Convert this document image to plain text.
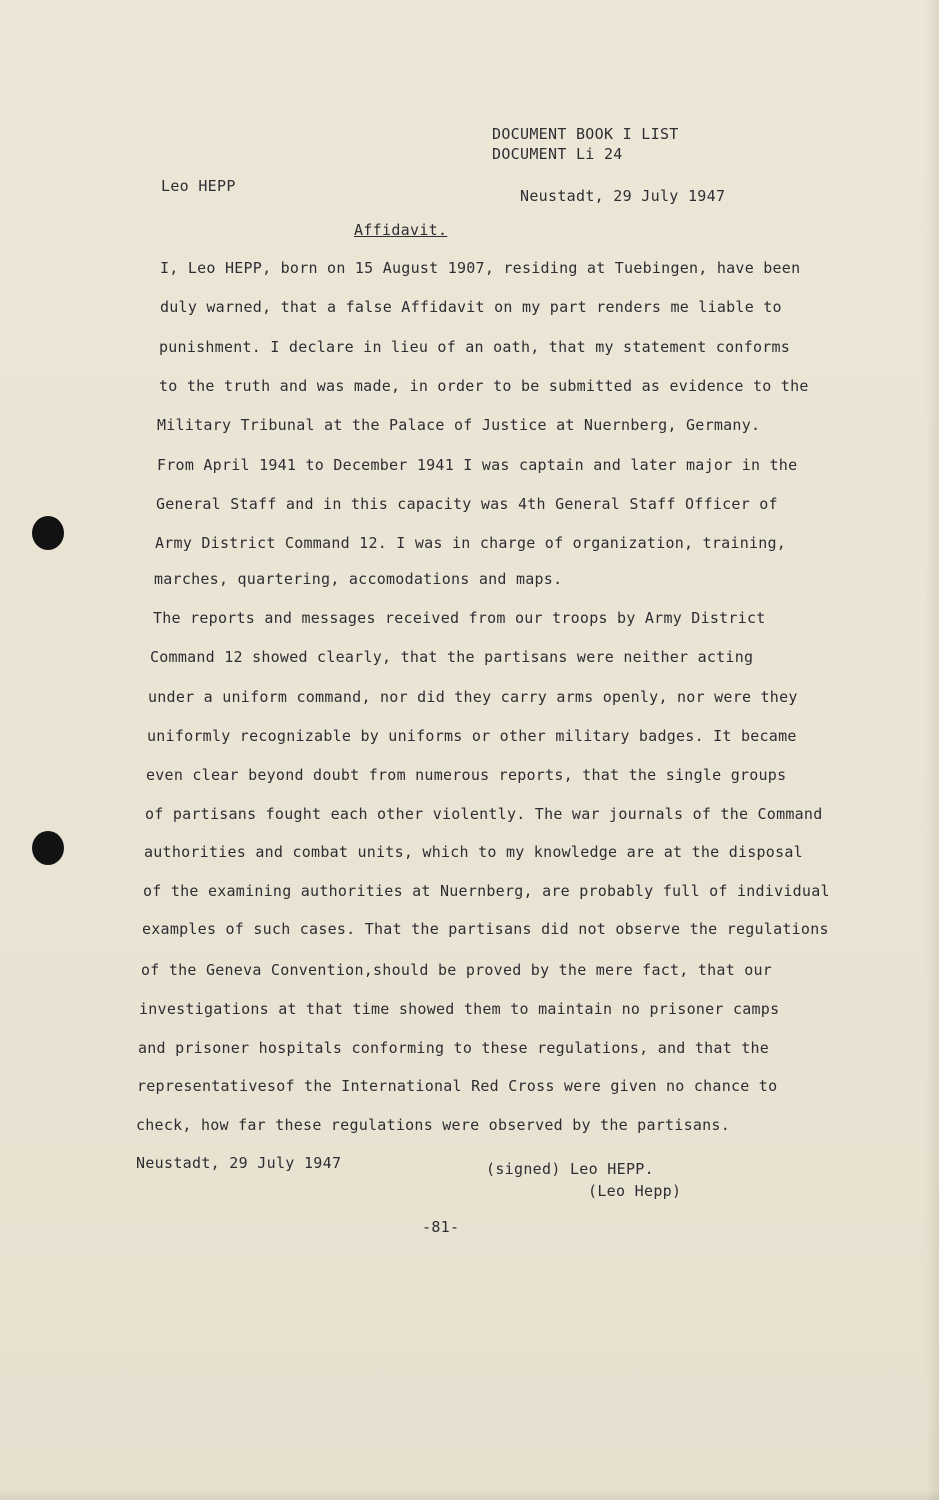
DOCUMENT BOOK I LIST
DOCUMENT Li 24
Leo HEPP
Neustadt, 29 July 1947
Affidavit.
I, Leo HEPP, born on 15 August 1907, residing at Tuebingen, have been
duly warned, that a false Affidavit on my part renders me liable to
punishment. I declare in lieu of an oath, that my statement conforms
to the truth and was made, in order to be submitted as evidence to the
Military Tribunal at the Palace of Justice at Nuernberg, Germany.
From April 1941 to December 1941 I was captain and later major in the
General Staff and in this capacity was 4th General Staff Officer of
Army District Command 12. I was in charge of organization, training,
marches, quartering, accomodations and maps.
The reports and messages received from our troops by Army District
Command 12 showed clearly, that the partisans were neither acting
under a uniform command, nor did they carry arms openly, nor were they
uniformly recognizable by uniforms or other military badges. It became
even clear beyond doubt from numerous reports, that the single groups
of partisans fought each other violently. The war journals of the Command
authorities and combat units, which to my knowledge are at the disposal
of the examining authorities at Nuernberg, are probably full of individual
examples of such cases. That the partisans did not observe the regulations
of the Geneva Convention,should be proved by the mere fact, that our
investigations at that time showed them to maintain no prisoner camps
and prisoner hospitals conforming to these regulations, and that the
representativesof the International Red Cross were given no chance to
check, how far these regulations were observed by the partisans.
Neustadt, 29 July 1947	(signed) Leo HEPP.
(Leo Hepp)
-81-
